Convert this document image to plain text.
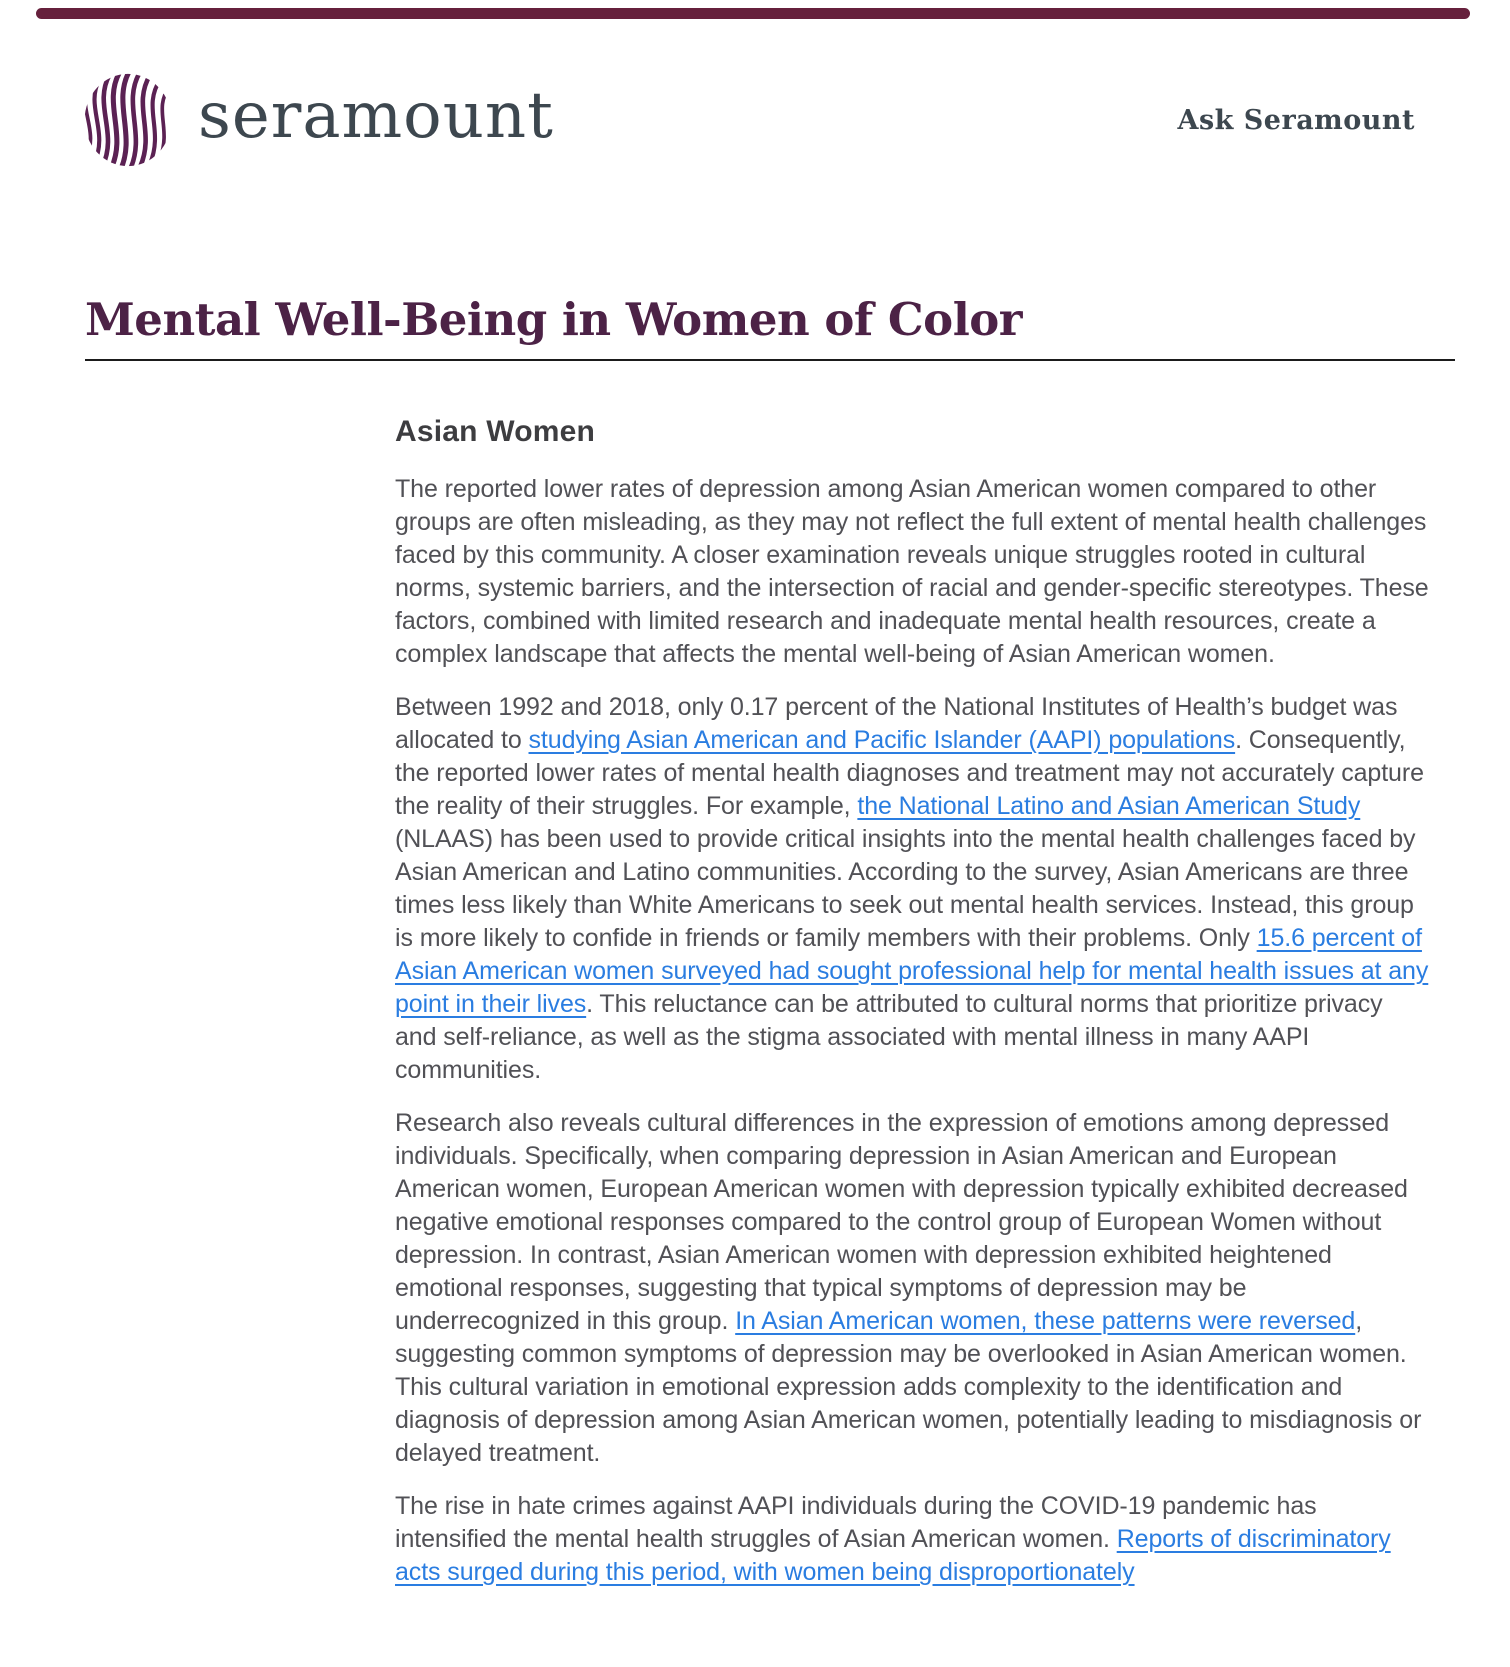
seramount	Ask Seramount
Mental Well-Being in Women of Color
Asian Women

The reported lower rates of depression among Asian American women compared to other groups are often misleading, as they may not reflect the full extent of mental health challenges faced by this community. A closer examination reveals unique struggles rooted in cultural norms, systemic barriers, and the intersection of racial and gender-specific stereotypes. These factors, combined with limited research and inadequate mental health resources, create a complex landscape that affects the mental well-being of Asian American women.

Between 1992 and 2018, only 0.17 percent of the National Institutes of Health’s budget was allocated to studying Asian American and Pacific Islander (AAPI) populations. Consequently, the reported lower rates of mental health diagnoses and treatment may not accurately capture the reality of their struggles. For example, the National Latino and Asian American Study (NLAAS) has been used to provide critical insights into the mental health challenges faced by Asian American and Latino communities. According to the survey, Asian Americans are three times less likely than White Americans to seek out mental health services. Instead, this group is more likely to confide in friends or family members with their problems. Only 15.6 percent of Asian American women surveyed had sought professional help for mental health issues at any point in their lives. This reluctance can be attributed to cultural norms that prioritize privacy and self-reliance, as well as the stigma associated with mental illness in many AAPI communities.

Research also reveals cultural differences in the expression of emotions among depressed individuals. Specifically, when comparing depression in Asian American and European American women, European American women with depression typically exhibited decreased negative emotional responses compared to the control group of European Women without depression. In contrast, Asian American women with depression exhibited heightened emotional responses, suggesting that typical symptoms of depression may be underrecognized in this group. In Asian American women, these patterns were reversed, suggesting common symptoms of depression may be overlooked in Asian American women. This cultural variation in emotional expression adds complexity to the identification and diagnosis of depression among Asian American women, potentially leading to misdiagnosis or delayed treatment.

The rise in hate crimes against AAPI individuals during the COVID-19 pandemic has intensified the mental health struggles of Asian American women. Reports of discriminatory acts surged during this period, with women being disproportionately
